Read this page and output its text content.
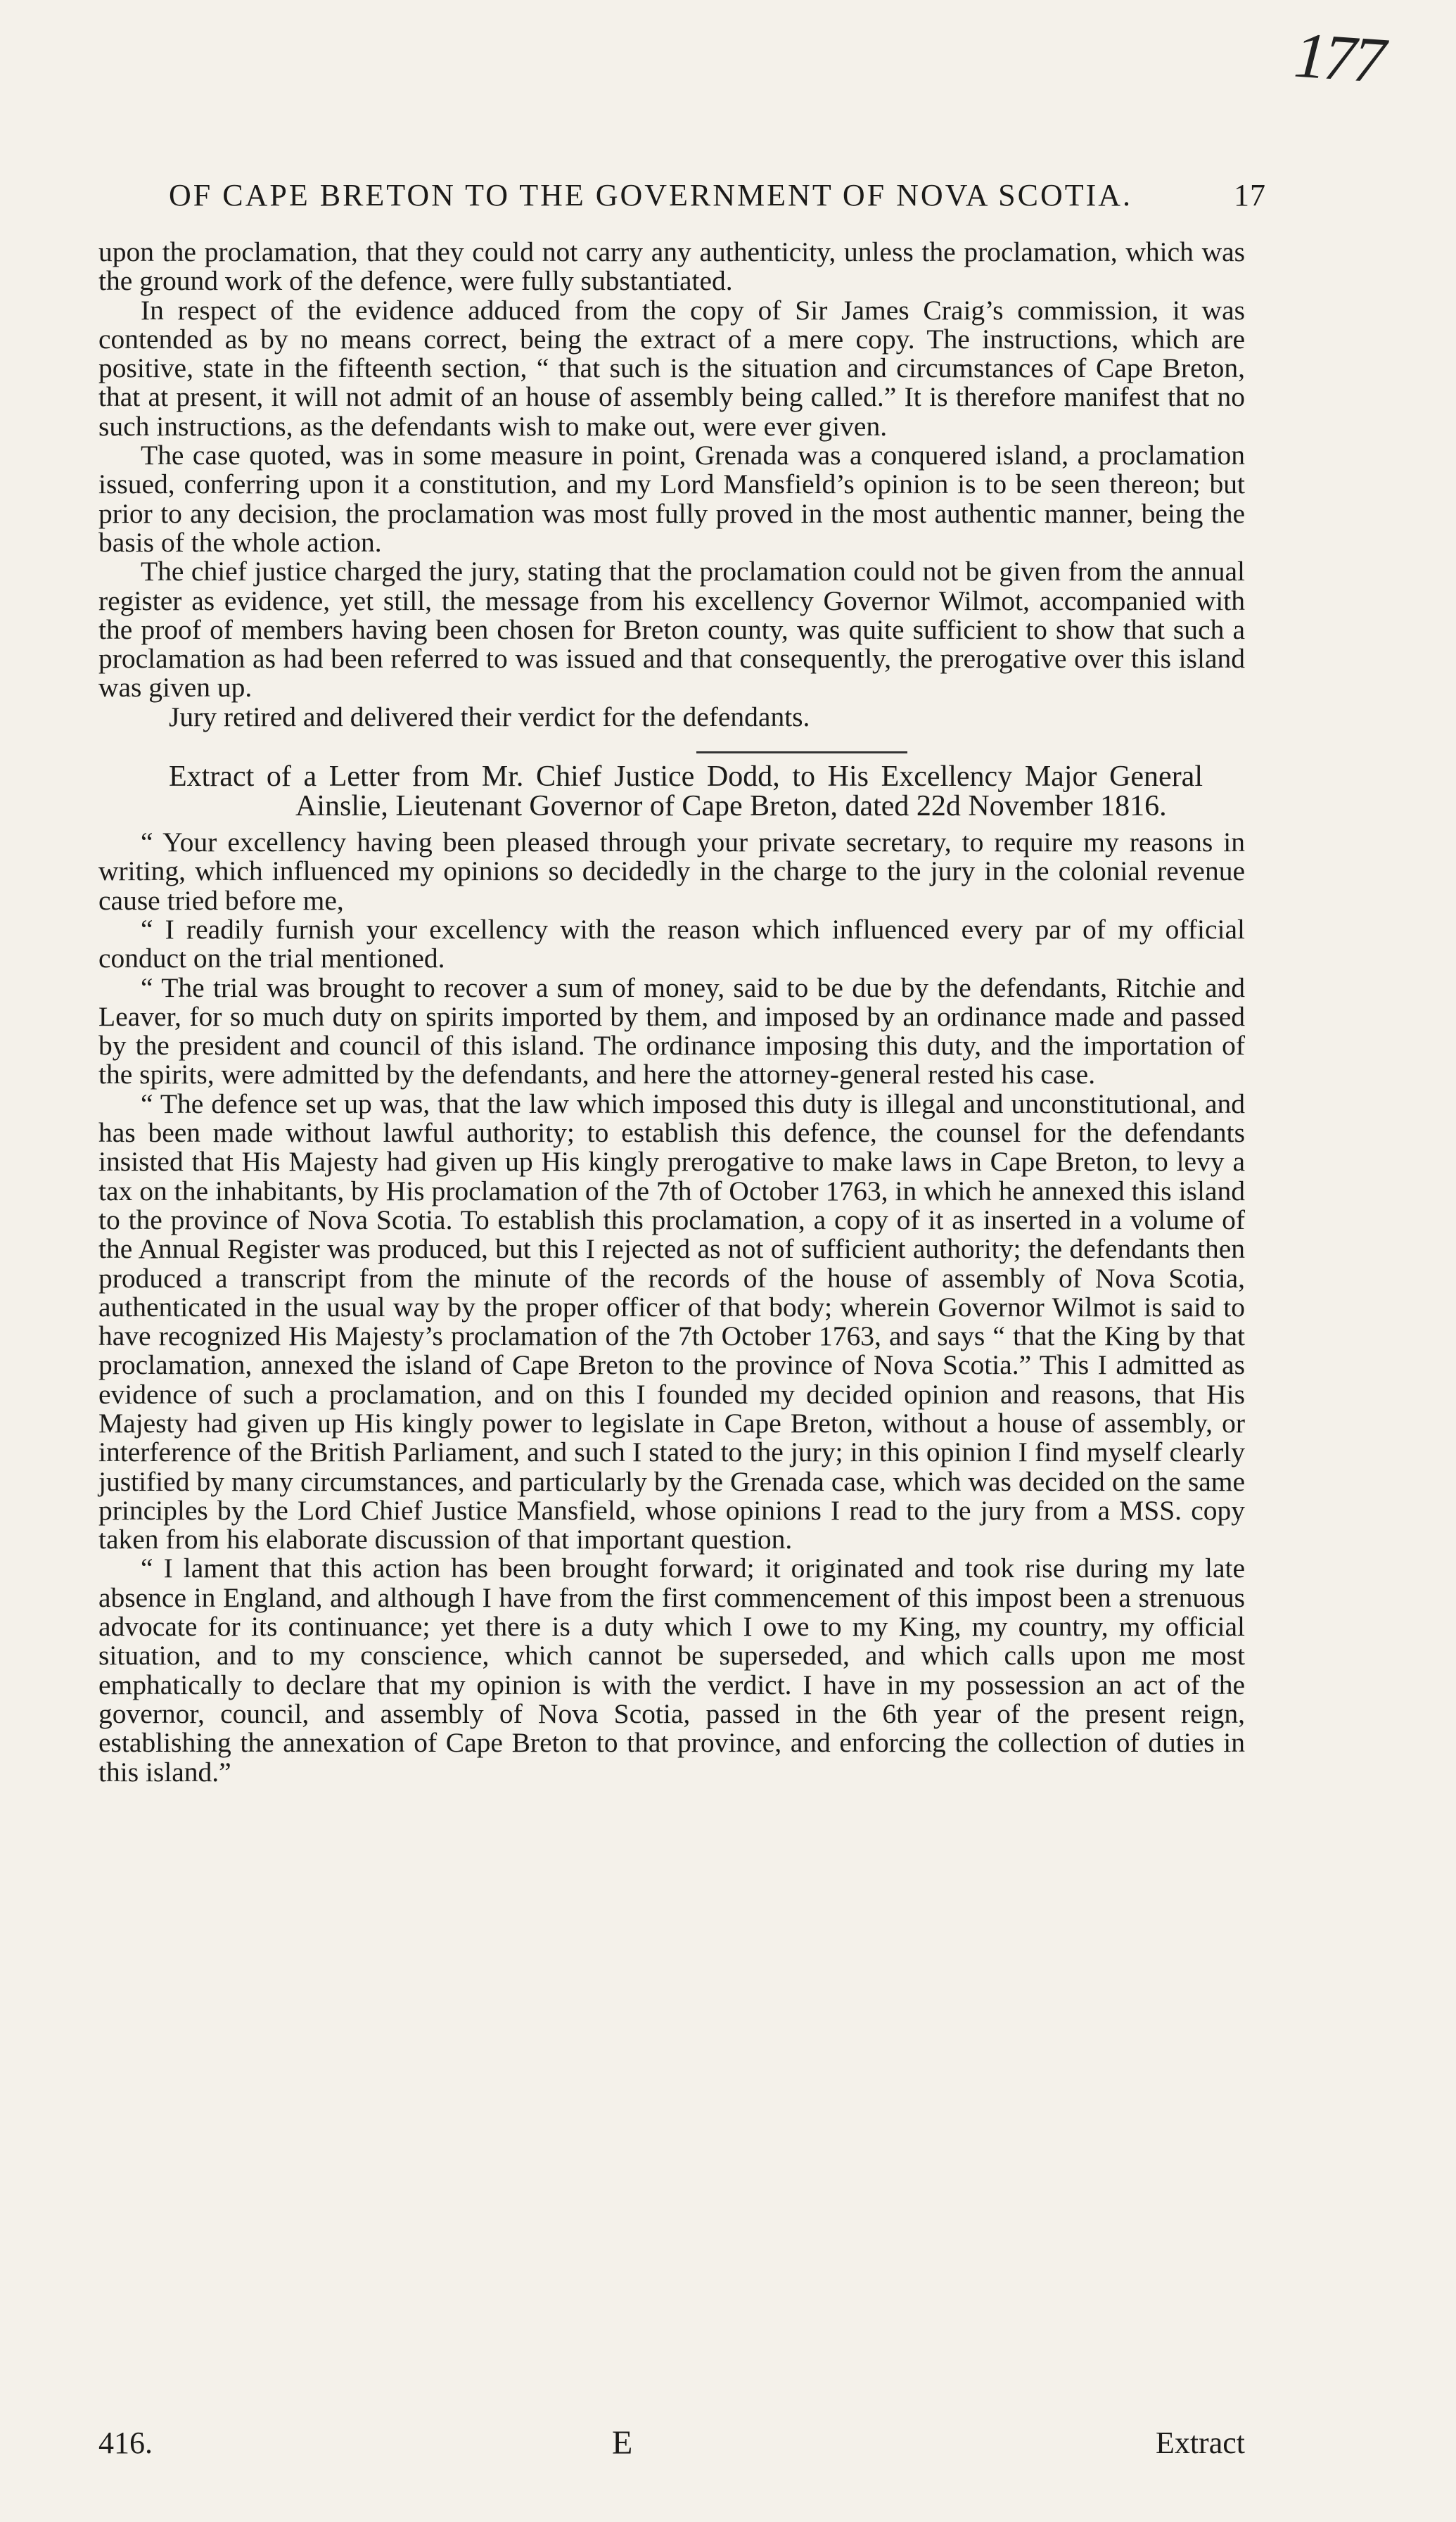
177
OF CAPE BRETON TO THE GOVERNMENT OF NOVA SCOTIA.	17

upon the proclamation, that they could not carry any authenticity, unless the proclamation, which was the ground work of the defence, were fully substantiated.

In respect of the evidence adduced from the copy of Sir James Craig’s commission, it was contended as by no means correct, being the extract of a mere copy. The instructions, which are positive, state in the fifteenth section, “ that such is the situation and circumstances of Cape Breton, that at present, it will not admit of an house of assembly being called.” It is therefore manifest that no such instructions, as the defendants wish to make out, were ever given.

The case quoted, was in some measure in point, Grenada was a conquered island, a proclamation issued, conferring upon it a constitution, and my Lord Mansfield’s opinion is to be seen thereon; but prior to any decision, the proclamation was most fully proved in the most authentic manner, being the basis of the whole action.

The chief justice charged the jury, stating that the proclamation could not be given from the annual register as evidence, yet still, the message from his excellency Governor Wilmot, accompanied with the proof of members having been chosen for Breton county, was quite sufficient to show that such a proclamation as had been referred to was issued and that consequently, the prerogative over this island was given up.

Jury retired and delivered their verdict for the defendants.

Extract of a Letter from Mr. Chief Justice Dodd, to His Excellency Major General Ainslie, Lieutenant Governor of Cape Breton, dated 22d November 1816.

“ Your excellency having been pleased through your private secretary, to require my reasons in writing, which influenced my opinions so decidedly in the charge to the jury in the colonial revenue cause tried before me,

“ I readily furnish your excellency with the reason which influenced every par of my official conduct on the trial mentioned.

“ The trial was brought to recover a sum of money, said to be due by the defendants, Ritchie and Leaver, for so much duty on spirits imported by them, and imposed by an ordinance made and passed by the president and council of this island. The ordinance imposing this duty, and the importation of the spirits, were admitted by the defendants, and here the attorney-general rested his case.

“ The defence set up was, that the law which imposed this duty is illegal and unconstitutional, and has been made without lawful authority; to establish this defence, the counsel for the defendants insisted that His Majesty had given up His kingly prerogative to make laws in Cape Breton, to levy a tax on the inhabitants, by His proclamation of the 7th of October 1763, in which he annexed this island to the province of Nova Scotia. To establish this proclamation, a copy of it as inserted in a volume of the Annual Register was produced, but this I rejected as not of sufficient authority; the defendants then produced a transcript from the minute of the records of the house of assembly of Nova Scotia, authenticated in the usual way by the proper officer of that body; wherein Governor Wilmot is said to have recognized His Majesty’s proclamation of the 7th October 1763, and says “ that the King by that proclamation, annexed the island of Cape Breton to the province of Nova Scotia.” This I admitted as evidence of such a proclamation, and on this I founded my decided opinion and reasons, that His Majesty had given up His kingly power to legislate in Cape Breton, without a house of assembly, or interference of the British Parliament, and such I stated to the jury; in this opinion I find myself clearly justified by many circumstances, and particularly by the Grenada case, which was decided on the same principles by the Lord Chief Justice Mansfield, whose opinions I read to the jury from a MSS. copy taken from his elaborate discussion of that important question.

“ I lament that this action has been brought forward; it originated and took rise during my late absence in England, and although I have from the first commencement of this impost been a strenuous advocate for its continuance; yet there is a duty which I owe to my King, my country, my official situation, and to my conscience, which cannot be superseded, and which calls upon me most emphatically to declare that my opinion is with the verdict. I have in my possession an act of the governor, council, and assembly of Nova Scotia, passed in the 6th year of the present reign, establishing the annexation of Cape Breton to that province, and enforcing the collection of duties in this island.”

416.	E	Extract
